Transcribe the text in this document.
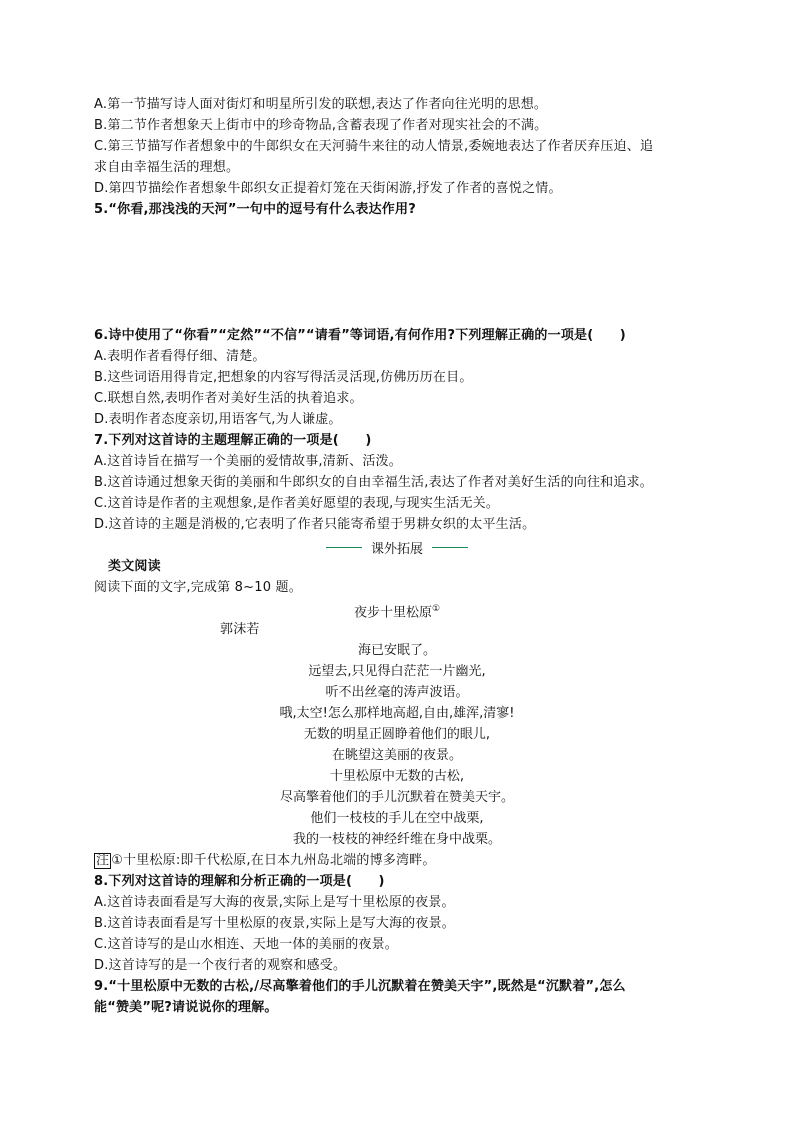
A.第一节描写诗人面对街灯和明星所引发的联想,表达了作者向往光明的思想。
B.第二节作者想象天上街市中的珍奇物品,含蓄表现了作者对现实社会的不满。
C.第三节描写作者想象中的牛郎织女在天河骑牛来往的动人情景,委婉地表达了作者厌弃压迫、追
求自由幸福生活的理想。
D.第四节描绘作者想象牛郎织女正提着灯笼在天街闲游,抒发了作者的喜悦之情。
5.“你看,那浅浅的天河”一句中的逗号有什么表达作用?
6.诗中使用了“你看”“定然”“不信”“请看”等词语,有何作用?下列理解正确的一项是(　　)
A.表明作者看得仔细、清楚。
B.这些词语用得肯定,把想象的内容写得活灵活现,仿佛历历在目。
C.联想自然,表明作者对美好生活的执着追求。
D.表明作者态度亲切,用语客气,为人谦虚。
7.下列对这首诗的主题理解正确的一项是(　　)
A.这首诗旨在描写一个美丽的爱情故事,清新、活泼。
B.这首诗通过想象天街的美丽和牛郎织女的自由幸福生活,表达了作者对美好生活的向往和追求。
C.这首诗是作者的主观想象,是作者美好愿望的表现,与现实生活无关。
D.这首诗的主题是消极的,它表明了作者只能寄希望于男耕女织的太平生活。
课外拓展
类文阅读
阅读下面的文字,完成第 8~10 题。
夜步十里松原①
郭沫若
海已安眠了。
远望去,只见得白茫茫一片幽光,
听不出丝毫的涛声波语。
哦,太空!怎么那样地高超,自由,雄浑,清寥!
无数的明星正圆睁着他们的眼儿,
在眺望这美丽的夜景。
十里松原中无数的古松,
尽高擎着他们的手儿沉默着在赞美天宇。
他们一枝枝的手儿在空中战栗,
我的一枝枝的神经纤维在身中战栗。
注 ①十里松原:即千代松原,在日本九州岛北端的博多湾畔。
8.下列对这首诗的理解和分析正确的一项是(　　)
A.这首诗表面看是写大海的夜景,实际上是写十里松原的夜景。
B.这首诗表面看是写十里松原的夜景,实际上是写大海的夜景。
C.这首诗写的是山水相连、天地一体的美丽的夜景。
D.这首诗写的是一个夜行者的观察和感受。
9.“十里松原中无数的古松,/尽高擎着他们的手儿沉默着在赞美天宇”,既然是“沉默着”,怎么
能“赞美”呢?请说说你的理解。
